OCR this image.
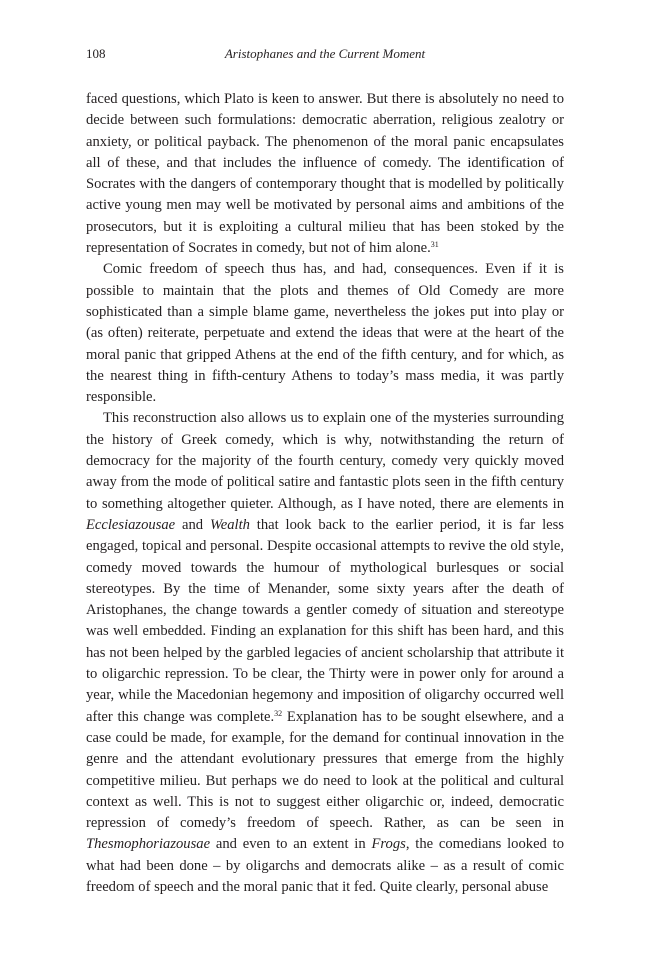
108	Aristophanes and the Current Moment

faced questions, which Plato is keen to answer. But there is absolutely no need to decide between such formulations: democratic aberration, religious zealotry or anxiety, or political payback. The phenomenon of the moral panic encapsulates all of these, and that includes the influence of comedy. The identification of Socrates with the dangers of contemporary thought that is modelled by politically active young men may well be motivated by personal aims and ambitions of the prosecutors, but it is exploiting a cultural milieu that has been stoked by the representation of Socrates in comedy, but not of him alone.$^{31}$

Comic freedom of speech thus has, and had, consequences. Even if it is possible to maintain that the plots and themes of Old Comedy are more sophisticated than a simple blame game, nevertheless the jokes put into play or (as often) reiterate, perpetuate and extend the ideas that were at the heart of the moral panic that gripped Athens at the end of the fifth century, and for which, as the nearest thing in fifth-century Athens to today’s mass media, it was partly responsible.

This reconstruction also allows us to explain one of the mysteries surrounding the history of Greek comedy, which is why, notwithstanding the return of democracy for the majority of the fourth century, comedy very quickly moved away from the mode of political satire and fantastic plots seen in the fifth century to something altogether quieter. Although, as I have noted, there are elements in Ecclesiazousae and Wealth that look back to the earlier period, it is far less engaged, topical and personal. Despite occasional attempts to revive the old style, comedy moved towards the humour of mythological burlesques or social stereotypes. By the time of Menander, some sixty years after the death of Aristophanes, the change towards a gentler comedy of situation and stereotype was well embedded. Finding an explanation for this shift has been hard, and this has not been helped by the garbled legacies of ancient scholarship that attribute it to oligarchic repression. To be clear, the Thirty were in power only for around a year, while the Macedonian hegemony and imposition of oligarchy occurred well after this change was complete.$^{32}$ Explanation has to be sought elsewhere, and a case could be made, for example, for the demand for continual innovation in the genre and the attendant evolutionary pressures that emerge from the highly competitive milieu. But perhaps we do need to look at the political and cultural context as well. This is not to suggest either oligarchic or, indeed, democratic repression of comedy’s freedom of speech. Rather, as can be seen in Thesmophoriazousae and even to an extent in Frogs, the comedians looked to what had been done – by oligarchs and democrats alike – as a result of comic freedom of speech and the moral panic that it fed. Quite clearly, personal abuse
